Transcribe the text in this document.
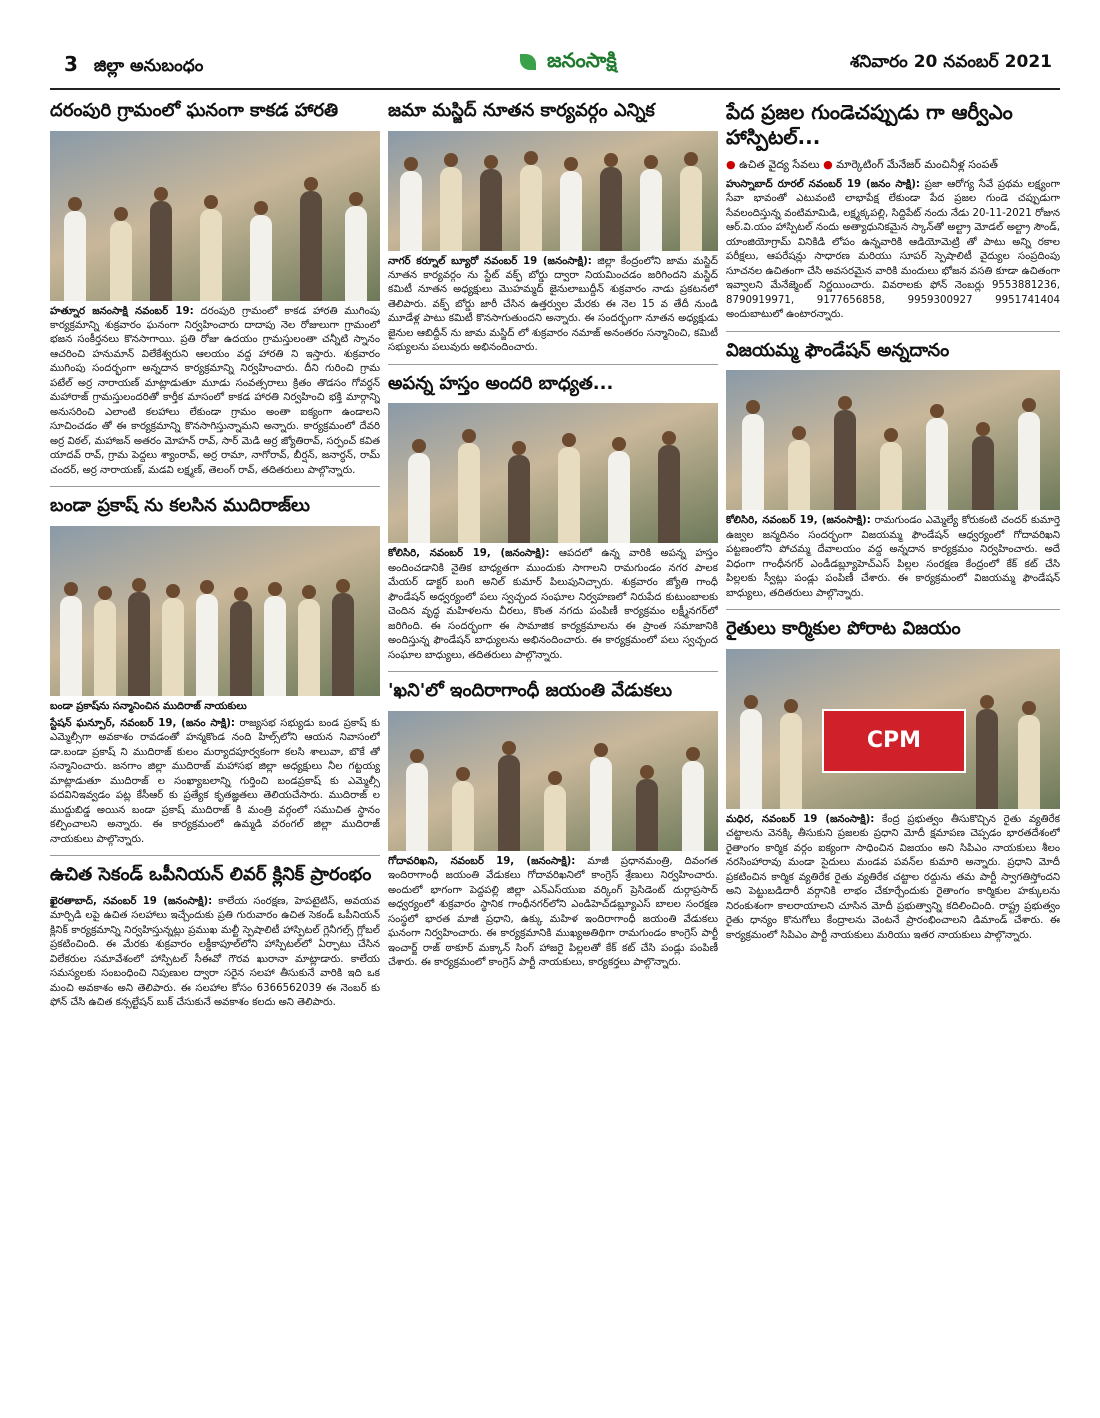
3 జిల్లా అనుబంధం	జనంసాక్షి	శనివారం 20 నవంబర్ 2021
దరంపురి గ్రామంలో ఘనంగా కాకడ హారతి

హత్నూర జనంసాక్షి నవంబర్ 19: దరంపురి గ్రామంలో కాకడ హారతి ముగింపు కార్యక్రమాన్ని శుక్రవారం ఘనంగా నిర్వహించారు దాదాపు నెల రోజులుగా గ్రామంలో భజన సంకీర్తనలు కొనసాగాయి. ప్రతి రోజు ఉదయం గ్రామస్తులంతా చన్నీటి స్నానం ఆచరించి హనుమాన్ విలేకేశ్వరుని ఆలయం వద్ద హారతి ని ఇస్తారు. శుక్రవారం ముగింపు సందర్భంగా అన్నదాన కార్యక్రమాన్ని నిర్వహించారు. దీని గురించి గ్రామ పటేల్ అర్ర నారాయణ్ మాట్లాడుతూ మూడు సంవత్సరాలు క్రితం తొడసం గోవర్ధన్ మహారాజ్ గ్రామస్తులందరితో కార్తీక మాసంలో కాకడ హారతి నిర్వహించి భక్తి మార్గాన్ని అనుసరించి ఎలాంటి కలహాలు లేకుండా గ్రామం అంతా ఐక్యంగా ఉండాలని సూచించడం తో ఈ కార్యక్రమాన్ని కొనసాగిస్తున్నామని అన్నారు. కార్యక్రమంలో దేవరి అర్ర విఠల్, మహాజన్ అతరం మోహన్ రావ్, సార్ మెడి అర్ర జ్యోతిరావ్, సర్పంచ్ కవిత యాదవ్ రావ్, గ్రామ పెద్దలు శ్యాంరావ్, అర్ర రామా, నాగోరావ్, బీర్షన్, జనార్ధన్, రామ్ చందర్, అర్ర నారాయణ్, మడవి లక్ష్మణ్, తెలంగ్ రావ్, తదితరులు పాల్గొన్నారు.

బండా ప్రకాష్ ను కలసిన ముదిరాజ్‌లు
బండా ప్రకాష్‌ను సన్మానించిన ముదిరాజ్ నాయకులు

స్టేషన్ ఘన్పూర్, నవంబర్ 19, (జనం సాక్షి): రాజ్యసభ సభ్యుడు బండ ప్రకాష్ కు ఎమ్మెల్సీగా అవకాశం రావడంతో హన్మకొండ నంది హిల్స్‌లోని ఆయన నివాసంలో డా.బండా ప్రకాష్ ని ముదిరాజ్ కులం మర్యాదపూర్వకంగా కలసి శాలువా, బొకే తో సన్మానించారు. జనగాం జిల్లా ముదిరాజ్ మహాసభ జిల్లా అధ్యక్షులు నీల గట్టయ్య మాట్లాడుతూ ముదిరాజ్ ల సంఖ్యాబలాన్ని గుర్తించి బండప్రకాష్ కు ఎమ్మెల్సీ పదవినిఇవ్వడం పట్ల కేసీఆర్ కు ప్రత్యేక కృతజ్ఞతలు తెలియచేసారు. ముదిరాజ్ ల ముద్దుబిడ్డ అయిన బండా ప్రకాష్ ముదిరాజ్ కి మంత్రి వర్గంలో సముచిత స్థానం కల్పించాలని అన్నారు. ఈ కార్యక్రమంలో ఉమ్మడి వరంగల్ జిల్లా ముదిరాజ్ నాయకులు పాల్గొన్నారు.

ఉచిత సెకండ్ ఒపీనియన్ లివర్ క్లినిక్ ప్రారంభం

ఖైరతాబాద్, నవంబర్ 19 (జనంసాక్షి): కాలేయ సంరక్షణ, హెపటైటిస్, అవయవ మార్పిడి లపై ఉచిత సలహాలు ఇచ్చేందుకు ప్రతి గురువారం ఉచిత సెకండ్ ఒపీనియన్ క్లినిక్ కార్యక్రమాన్ని నిర్వహిస్తున్నట్లు ప్రముఖ మల్టీ స్పెషాలిటీ హాస్పిటల్ గ్లెనీగల్స్ గ్లోబల్ ప్రకటించింది. ఈ మేరకు శుక్రవారం లక్డీకాపూల్‌లోని హాస్పిటల్‌లో ఏర్పాటు చేసిన విలేకరుల సమావేశంలో హాస్పిటల్ సీఈవో గౌరవ ఖురానా మాట్లాడారు. కాలేయ సమస్యలకు సంబంధించి నిపుణుల ద్వారా సరైన సలహా తీసుకునే వారికి ఇది ఒక మంచి అవకాశం అని తెలిపారు. ఈ సలహాల కోసం 6366562039 ఈ నెంబర్ కు ఫోన్ చేసి ఉచిత కన్సల్టేషన్ బుక్ చేసుకునే అవకాశం కలదు అని తెలిపారు.

జమా మస్జిద్ నూతన కార్యవర్గం ఎన్నిక

నాగర్ కర్నూల్ బ్యూరో నవంబర్ 19 (జనంసాక్షి): జిల్లా కేంద్రంలోని జామ మస్జిద్ నూతన కార్యవర్గం ను స్టేట్ వక్ఫ్ బోర్డు ద్వారా నియమించడం జరిగిందని మస్జిద్ కమిటీ నూతన అధ్యక్షులు మొహమ్మద్ జైనులాబుద్దీన్ శుక్రవారం నాడు ప్రకటనలో తెలిపారు. వక్ఫ్ బోర్డు జారీ చేసిన ఉత్తర్వుల మేరకు ఈ నెల 15 వ తేదీ నుండి మూడేళ్ల పాటు కమిటీ కొనసాగుతుందని అన్నారు. ఈ సందర్భంగా నూతన అధ్యక్షుడు జైనుల ఆబిద్దీన్ ను జామ మస్జిద్ లో శుక్రవారం నమాజ్ అనంతరం సన్మానించి, కమిటీ సభ్యులను పలువురు అభినందించారు.

అపన్న హస్తం అందరి బాధ్యత...

కోలిసిరి, నవంబర్ 19, (జనంసాక్షి): ఆపదలో ఉన్న వారికి అపన్న హస్తం అందించడానికి నైతిక బాధ్యతగా ముందుకు సాగాలని రామగుండం నగర పాలక మేయర్ డాక్టర్ బంగి అనిల్ కుమార్ పిలుపునిచ్చారు. శుక్రవారం జ్యోతి గాంధీ ఫౌండేషన్ అధ్వర్యంలో పలు స్వచ్ఛంద సంఘాల నిర్వహణలో నిరుపేద కుటుంబాలకు చెందిన వృద్ధ మహిళలను చీరలు, కొంత నగదు పంపిణీ కార్యక్రమం లక్ష్మీనగర్‌లో జరిగింది. ఈ సందర్భంగా ఈ సామాజిక కార్యక్రమాలను ఈ ప్రాంత సమాజానికి అందిస్తున్న ఫౌండేషన్ బాధ్యులను అభినందించారు. ఈ కార్యక్రమంలో పలు స్వచ్ఛంద సంఘాల బాధ్యులు, తదితరులు పాల్గొన్నారు.

'ఖని'లో ఇందిరాగాంధీ జయంతి వేడుకలు

గోదావరిఖని, నవంబర్ 19, (జనంసాక్షి): మాజీ ప్రధానమంత్రి, దివంగత ఇందిరాగాంధీ జయంతి వేడుకలు గోదావరిఖనిలో కాంగ్రెస్ శ్రేణులు నిర్వహించారు. అందులో భాగంగా పెద్దపల్లి జిల్లా ఎన్ఎస్‌యుఐ వర్కింగ్ ప్రెసిడెంట్ దుర్గాప్రసాద్ అధ్వర్యంలో శుక్రవారం స్థానిక గాంధీనగర్‌లోని ఎండిహెచ్‌డబ్ల్యూఎస్ బాలల సంరక్షణ సంస్థలో భారత మాజీ ప్రధాని, ఉక్కు మహిళ ఇందిరాగాంధీ జయంతి వేడుకలు ఘనంగా నిర్వహించారు. ఈ కార్యక్రమానికి ముఖ్యఅతిథిగా రామగుండం కాంగ్రెస్ పార్టీ ఇంచార్జ్ రాజ్ ఠాకూర్ మక్కాన్ సింగ్ హాజరై పిల్లలతో కేక్ కట్ చేసి పండ్లు పంపిణీ చేశారు. ఈ కార్యక్రమంలో కాంగ్రెస్ పార్టీ నాయకులు, కార్యకర్తలు పాల్గొన్నారు.

పేద ప్రజల గుండెచప్పుడు గా ఆర్వీఎం హాస్పిటల్...
● ఉచిత వైద్య సేవలు ● మార్కెటింగ్ మేనేజర్ మంచినీళ్ల సంపత్

హుస్నాబాద్ రూరల్ నవంబర్ 19 (జనం సాక్షి): ప్రజా ఆరోగ్య సేవే ప్రథమ లక్ష్యంగా సేవా భావంతో ఎటువంటి లాభాపేక్ష లేకుండా పేద ప్రజల గుండె చప్పుడుగా సేవలందిస్తున్న వంటిమామిడి, లక్ష్మక్కపల్లి, సిద్దిపేట్ నందు నేడు 20-11-2021 రోజున ఆర్.వి.యం హాస్పిటల్ నందు అత్యాధునికమైన స్కాన్‌తో అల్ట్రా మోడల్ అల్ట్రా సౌండ్, యాంజియోగ్రామ్ వినికిడి లోపం ఉన్నవారికి ఆడియోమెట్రి తో పాటు అన్ని రకాల పరీక్షలు, ఆపరేషన్లు సాధారణ మరియు సూపర్ స్పెషాలిటీ వైద్యుల సంప్రదింపు సూచనల ఉచితంగా చేసి అవసరమైన వారికి మందులు భోజన వసతి కూడా ఉచితంగా ఇవ్వాలని మేనేజ్మెంట్ నిర్ణయించారు. వివరాలకు ఫోన్ నెంబర్లు 9553881236, 8790919971, 9177656858, 9959300927 9951741404 అందుబాటులో ఉంటారన్నారు.

విజయమ్మ ఫౌండేషన్ అన్నదానం

కోలిసిరి, నవంబర్ 19, (జనంసాక్షి): రామగుండం ఎమ్మెల్యే కోరుకంటి చందర్ కుమార్తె ఉజ్వల జన్మదినం సందర్భంగా విజయమ్మ ఫౌండేషన్ ఆధ్వర్యంలో గోదావరిఖని పట్టణంలోని పోచమ్మ దేవాలయం వద్ద అన్నదాన కార్యక్రమం నిర్వహించారు. అదే విధంగా గాంధీనగర్ ఎండీడబ్ల్యూహెచ్‌ఎస్ పిల్లల సంరక్షణ కేంద్రంలో కేక్ కట్ చేసి పిల్లలకు స్వీట్లు పండ్లు పంపిణీ చేశారు. ఈ కార్యక్రమంలో విజయమ్మ ఫౌండేషన్ బాధ్యులు, తదితరులు పాల్గొన్నారు.

రైతులు కార్మికుల పోరాట విజయం
CPM

మధిర, నవంబర్ 19 (జనంసాక్షి): కేంద్ర ప్రభుత్వం తీసుకొచ్చిన రైతు వ్యతిరేక చట్టాలను వెనక్కి తీసుకుని ప్రజలకు ప్రధాని మోదీ క్షమాపణ చెప్పడం భారతదేశంలో రైతాంగం కార్మిక వర్గం ఐక్యంగా సాధించిన విజయం అని సిపిఎం నాయకులు శీలం నరసింహారావు మండా సైదులు మండవ పవన్‌ల కుమారి అన్నారు. ప్రధాని మోదీ ప్రకటించిన కార్మిక వ్యతిరేక రైతు వ్యతిరేక చట్టాల రద్దును తమ పార్టీ స్వాగతిస్తోందని అని పెట్టుబడిదారీ వర్గానికి లాభం చేకూర్చేందుకు రైతాంగం కార్మికుల హక్కులను నిరంకుశంగా కాలరాయాలని చూసిన మోదీ ప్రభుత్వాన్ని కదిలించింది. రాష్ట్ర ప్రభుత్వం రైతు ధాన్యం కొనుగోలు కేంద్రాలను వెంటనే ప్రారంభించాలని డిమాండ్ చేశారు. ఈ కార్యక్రమంలో సిపిఎం పార్టీ నాయకులు మరియు ఇతర నాయకులు పాల్గొన్నారు.
